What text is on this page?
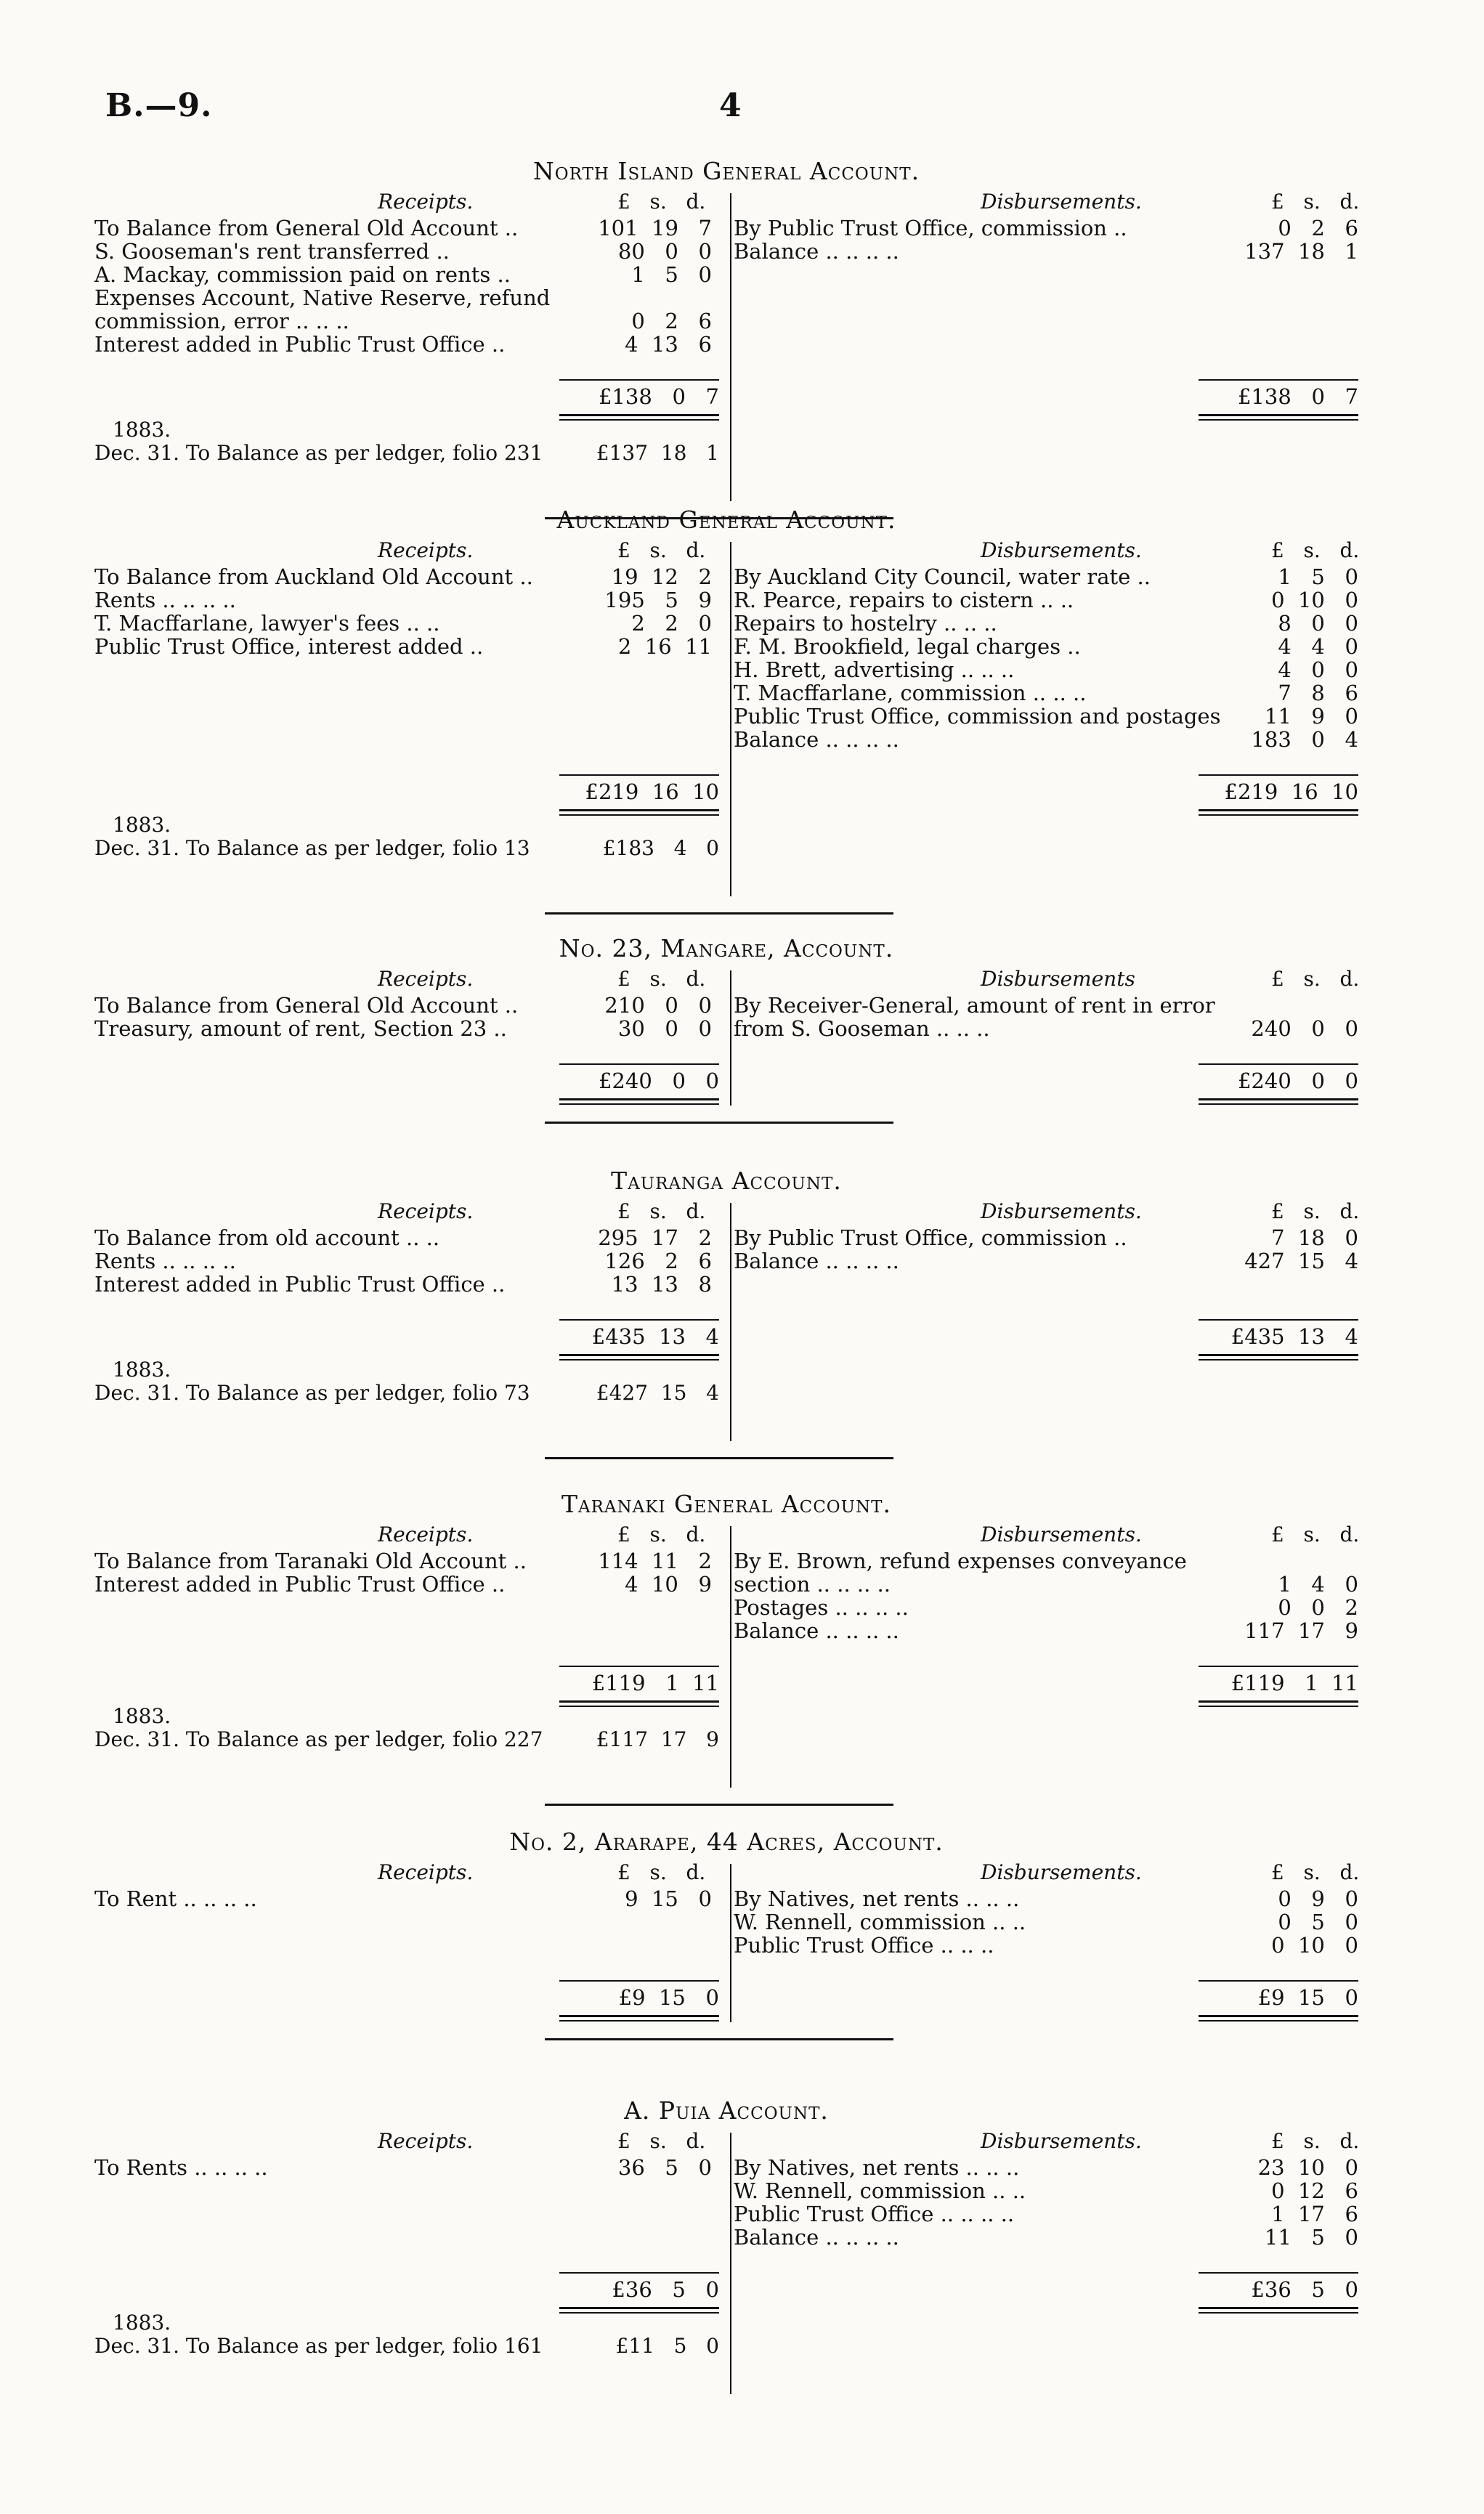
B.—9.	4
North Island General Account.
Receipts.	£   s.   d.
To Balance from General Old Account ..	101  19   7
S. Gooseman's rent transferred ..	80   0   0
A. Mackay, commission paid on rents ..	1   5   0
Expenses Account, Native Reserve, refund
commission, error .. .. ..	0   2   6
Interest added in Public Trust Office ..	4  13   6
£138   0   7
Disbursements.	£   s.   d.
By Public Trust Office, commission ..	0   2   6
Balance .. .. .. ..	137  18   1
£138   0   7
1883.
Dec. 31. To Balance as per ledger, folio 231	£137  18   1
Auckland General Account.
Receipts.	£   s.   d.
To Balance from Auckland Old Account ..	19  12   2
Rents .. .. .. ..	195   5   9
T. Macffarlane, lawyer's fees .. ..	2   2   0
Public Trust Office, interest added ..	2  16  11
£219  16  10
Disbursements.	£   s.   d.
By Auckland City Council, water rate ..	1   5   0
R. Pearce, repairs to cistern .. ..	0  10   0
Repairs to hostelry .. .. ..	8   0   0
F. M. Brookfield, legal charges ..	4   4   0
H. Brett, advertising .. .. ..	4   0   0
T. Macffarlane, commission .. .. ..	7   8   6
Public Trust Office, commission and postages	11   9   0
Balance .. .. .. ..	183   0   4
£219  16  10
1883.
Dec. 31. To Balance as per ledger, folio 13	£183   4   0
No. 23, Mangare, Account.
Receipts.	£   s.   d.
To Balance from General Old Account ..	210   0   0
Treasury, amount of rent, Section 23 ..	30   0   0
£240   0   0
Disbursements	£   s.   d.
By Receiver-General, amount of rent in error
from S. Gooseman .. .. ..	240   0   0
£240   0   0
Tauranga Account.
Receipts.	£   s.   d.
To Balance from old account .. ..	295  17   2
Rents .. .. .. ..	126   2   6
Interest added in Public Trust Office ..	13  13   8
£435  13   4
Disbursements.	£   s.   d.
By Public Trust Office, commission ..	7  18   0
Balance .. .. .. ..	427  15   4
£435  13   4
1883.
Dec. 31. To Balance as per ledger, folio 73	£427  15   4
Taranaki General Account.
Receipts.	£   s.   d.
To Balance from Taranaki Old Account ..	114  11   2
Interest added in Public Trust Office ..	4  10   9
£119   1  11
Disbursements.	£   s.   d.
By E. Brown, refund expenses conveyance
section .. .. .. ..	1   4   0
Postages .. .. .. ..	0   0   2
Balance .. .. .. ..	117  17   9
£119   1  11
1883.
Dec. 31. To Balance as per ledger, folio 227	£117  17   9
No. 2, Ararape, 44 Acres, Account.
Receipts.	£   s.   d.
To Rent .. .. .. ..	9  15   0
£9  15   0
Disbursements.	£   s.   d.
By Natives, net rents .. .. ..	0   9   0
W. Rennell, commission .. ..	0   5   0
Public Trust Office .. .. ..	0  10   0
£9  15   0
A. Puia Account.
Receipts.	£   s.   d.
To Rents .. .. .. ..	36   5   0
£36   5   0
Disbursements.	£   s.   d.
By Natives, net rents .. .. ..	23  10   0
W. Rennell, commission .. ..	0  12   6
Public Trust Office .. .. .. ..	1  17   6
Balance .. .. .. ..	11   5   0
£36   5   0
1883.
Dec. 31. To Balance as per ledger, folio 161	£11   5   0
